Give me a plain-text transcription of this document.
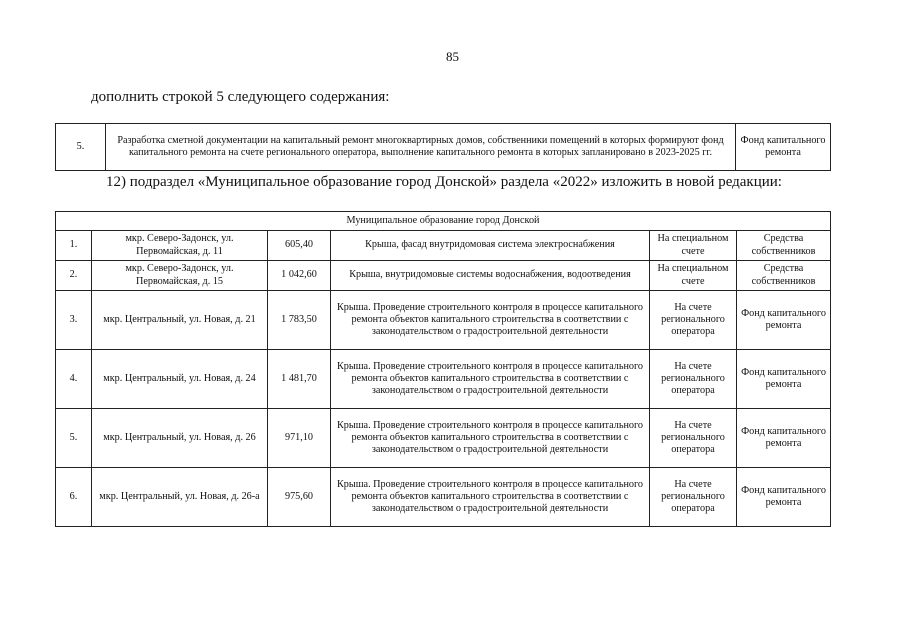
85
дополнить строкой 5 следующего содержания:
5.	Разработка сметной документации на капитальный ремонт многоквартирных домов, собственники помещений в которых формируют фонд капитального ремонта на счете регионального оператора, выполнение капитального ремонта в которых запланировано в 2023-2025 гг.	Фонд капитального ремонта
12) подраздел «Муниципальное образование город Донской» раздела «2022» изложить в новой редакции:
Муниципальное образование город Донской					
1.	мкр. Северо-Задонск, ул. Первомайская, д. 11	605,40	Крыша, фасад внутридомовая система электроснабжения	На специальном счете	Средства собственников
2.	мкр. Северо-Задонск, ул. Первомайская, д. 15	1 042,60	Крыша, внутридомовые системы водоснабжения, водоотведения	На специальном счете	Средства собственников
3.	мкр. Центральный, ул. Новая, д. 21	1 783,50	Крыша. Проведение строительного контроля в процессе капитального ремонта объектов капитального строительства в соответствии с законодательством о градостроительной деятельности	На счете регионального оператора	Фонд капитального ремонта
4.	мкр. Центральный, ул. Новая, д. 24	1 481,70	Крыша. Проведение строительного контроля в процессе капитального ремонта объектов капитального строительства в соответствии с законодательством о градостроительной деятельности	На счете регионального оператора	Фонд капитального ремонта
5.	мкр. Центральный, ул. Новая, д. 26	971,10	Крыша. Проведение строительного контроля в процессе капитального ремонта объектов капитального строительства в соответствии с законодательством о градостроительной деятельности	На счете регионального оператора	Фонд капитального ремонта
6.	мкр. Центральный, ул. Новая, д. 26-а	975,60	Крыша. Проведение строительного контроля в процессе капитального ремонта объектов капитального строительства в соответствии с законодательством о градостроительной деятельности	На счете регионального оператора	Фонд капитального ремонта
